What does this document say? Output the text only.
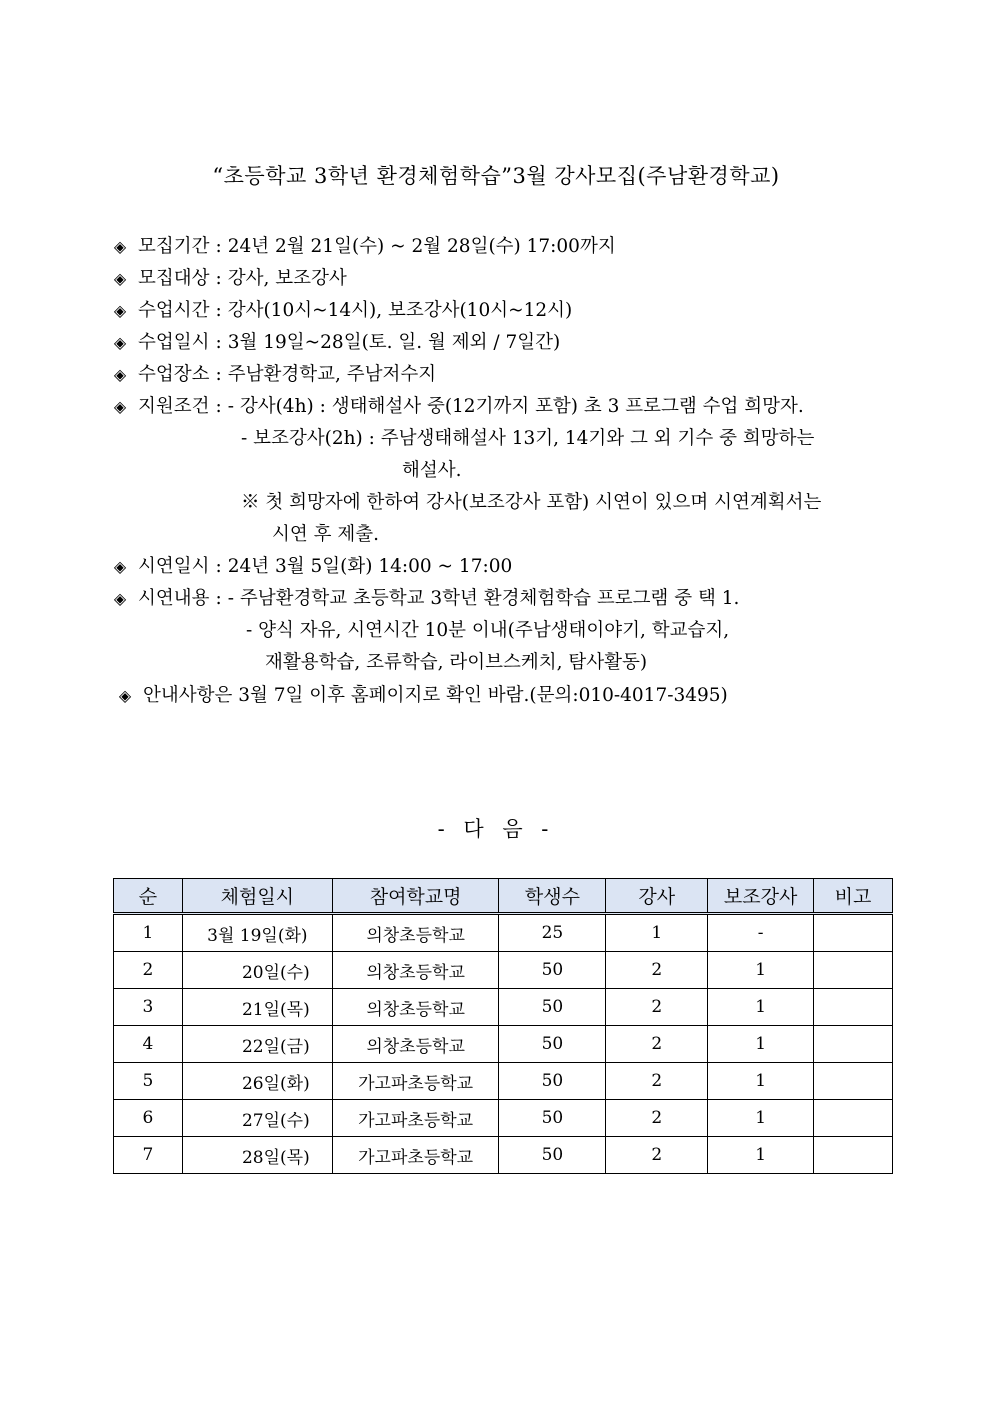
“초등학교 3학년 환경체험학습”3월 강사모집(주남환경학교)
◈ 모집기간 : 24년 2월 21일(수) ~ 2월 28일(수) 17:00까지
◈ 모집대상 : 강사, 보조강사
◈ 수업시간 : 강사(10시~14시), 보조강사(10시~12시)
◈ 수업일시 : 3월 19일~28일(토. 일. 월 제외 / 7일간)
◈ 수업장소 : 주남환경학교, 주남저수지
◈ 지원조건 : - 강사(4h) : 생태해설사 중(12기까지 포함) 초 3 프로그램 수업 희망자.
- 보조강사(2h) : 주남생태해설사 13기, 14기와 그 외 기수 중 희망하는
해설사.
※ 첫 희망자에 한하여 강사(보조강사 포함) 시연이 있으며 시연계획서는
시연 후 제출.
◈ 시연일시 : 24년 3월 5일(화) 14:00 ~ 17:00
◈ 시연내용 : - 주남환경학교 초등학교 3학년 환경체험학습 프로그램 중 택 1.
- 양식 자유, 시연시간 10분 이내(주남생태이야기, 학교습지,
재활용학습, 조류학습, 라이브스케치, 탐사활동)
◈ 안내사항은 3월 7일 이후 홈페이지로 확인 바람.(문의:010-4017-3495)
- 다 음 -
순	체험일시	참여학교명	학생수	강사	보조강사	비고
1	3월 19일(화)	의창초등학교	25	1	-	
2	20일(수)	의창초등학교	50	2	1	
3	21일(목)	의창초등학교	50	2	1	
4	22일(금)	의창초등학교	50	2	1	
5	26일(화)	가고파초등학교	50	2	1	
6	27일(수)	가고파초등학교	50	2	1	
7	28일(목)	가고파초등학교	50	2	1	
